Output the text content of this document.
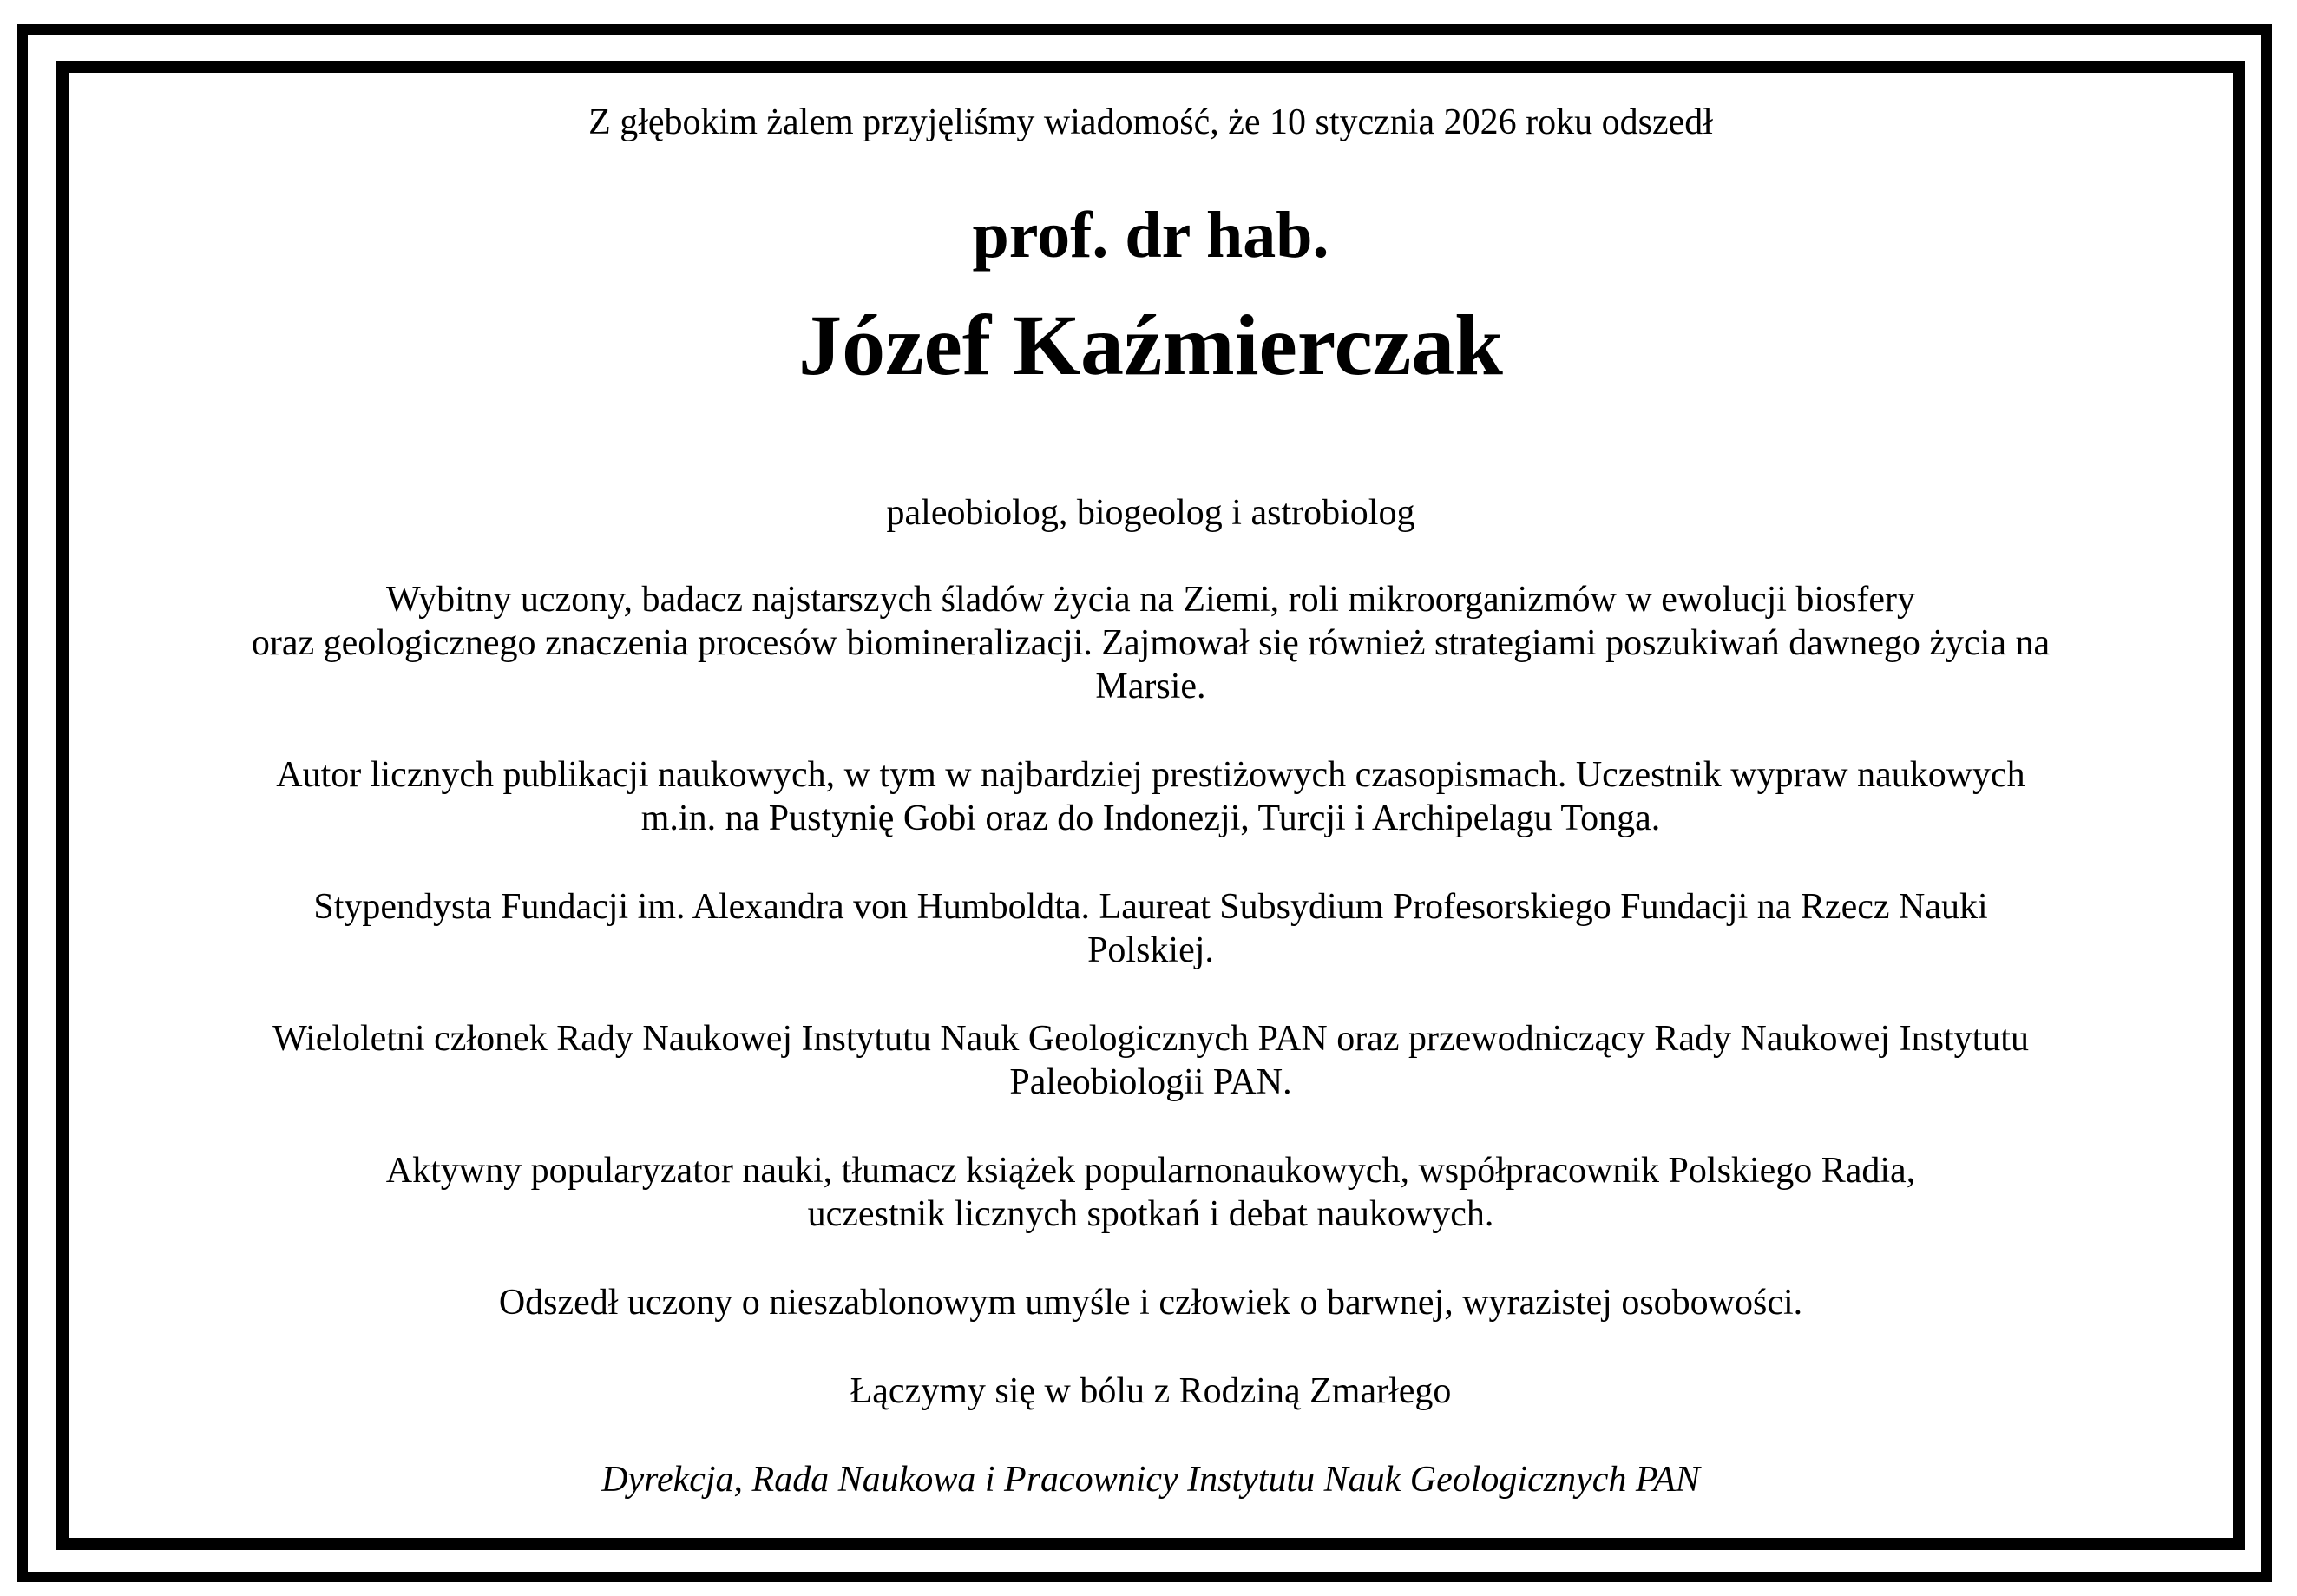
Z głębokim żalem przyjęliśmy wiadomość, że 10 stycznia 2026 roku odszedł
prof. dr hab.
Józef Kaźmierczak
paleobiolog, biogeolog i astrobiolog
Wybitny uczony, badacz najstarszych śladów życia na Ziemi, roli mikroorganizmów w ewolucji biosfery
oraz geologicznego znaczenia procesów biomineralizacji. Zajmował się również strategiami poszukiwań dawnego życia na
Marsie.
Autor licznych publikacji naukowych, w tym w najbardziej prestiżowych czasopismach. Uczestnik wypraw naukowych
m.in. na Pustynię Gobi oraz do Indonezji, Turcji i Archipelagu Tonga.
Stypendysta Fundacji im. Alexandra von Humboldta. Laureat Subsydium Profesorskiego Fundacji na Rzecz Nauki
Polskiej.
Wieloletni członek Rady Naukowej Instytutu Nauk Geologicznych PAN oraz przewodniczący Rady Naukowej Instytutu
Paleobiologii PAN.
Aktywny popularyzator nauki, tłumacz książek popularnonaukowych, współpracownik Polskiego Radia,
uczestnik licznych spotkań i debat naukowych.
Odszedł uczony o nieszablonowym umyśle i człowiek o barwnej, wyrazistej osobowości.
Łączymy się w bólu z Rodziną Zmarłego
Dyrekcja, Rada Naukowa i Pracownicy Instytutu Nauk Geologicznych PAN
